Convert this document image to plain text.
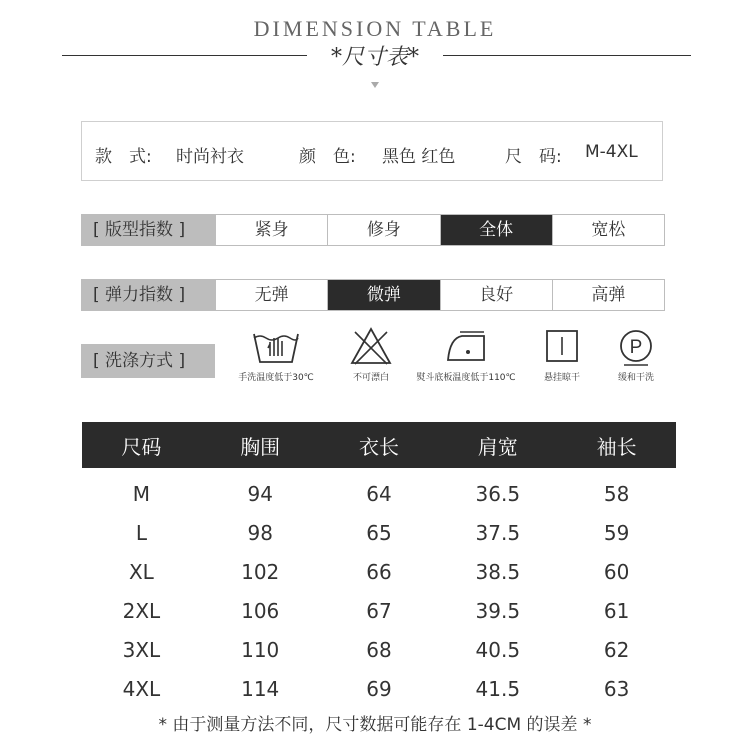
DIMENSION TABLE
*尺寸表*
款　式: 时尚衬衣	颜　色: 黑色 红色	尺　码: M-4XL
[ 版型指数 ]	紧身	修身	全体	宽松
[ 弹力指数 ]	无弹	微弹	良好	高弹
[ 洗涤方式 ]
手洗温度低于30℃	不可漂白	熨斗底板温度低于110℃	悬挂晾干
P
缓和干洗
尺码	胸围	衣长	肩宽	袖长
M	94	64	36.5	58
L	98	65	37.5	59
XL	102	66	38.5	60
2XL	106	67	39.5	61
3XL	110	68	40.5	62
4XL	114	69	41.5	63
* 由于测量方法不同，尺寸数据可能存在 1-4CM 的误差 *
